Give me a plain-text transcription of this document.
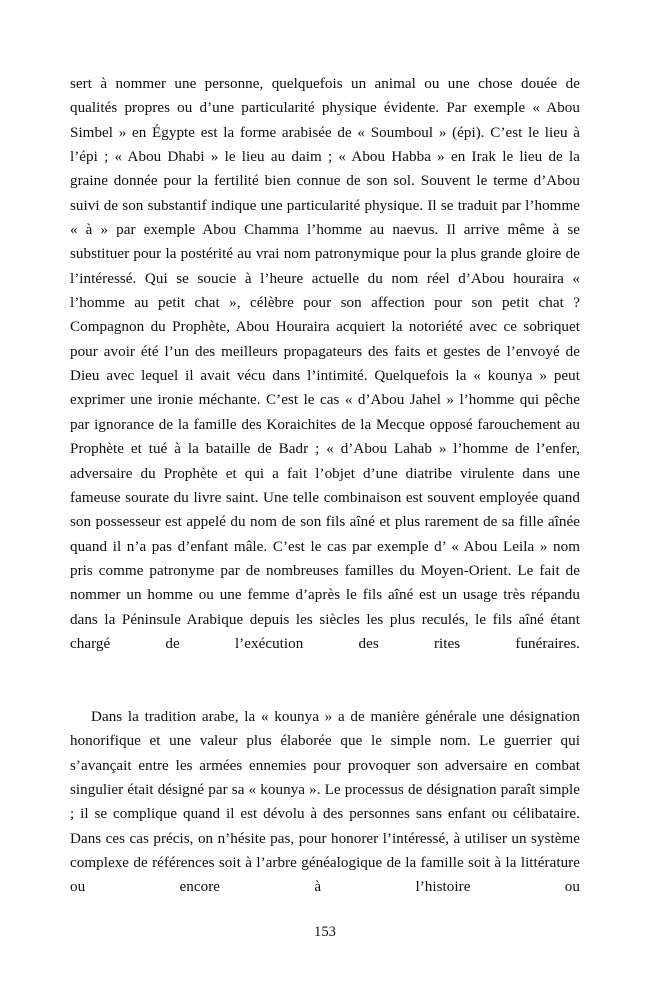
sert à nommer une personne, quelquefois un animal ou une chose douée de qualités propres ou d’une particularité physique évidente. Par exemple « Abou Simbel » en Égypte est la forme arabisée de « Soumboul » (épi). C’est le lieu à l’épi ; « Abou Dhabi » le lieu au daim ; « Abou Habba » en Irak le lieu de la graine donnée pour la fertilité bien connue de son sol. Souvent le terme d’Abou suivi de son substantif indique une particularité physique. Il se traduit par l’homme « à » par exemple Abou Chamma l’homme au naevus. Il arrive même à se substituer pour la postérité au vrai nom patronymique pour la plus grande gloire de l’intéressé. Qui se soucie à l’heure actuelle du nom réel d’Abou houraira « l’homme au petit chat », célèbre pour son affection pour son petit chat ? Compagnon du Prophète, Abou Houraira acquiert la notoriété avec ce sobriquet pour avoir été l’un des meilleurs propagateurs des faits et gestes de l’envoyé de Dieu avec lequel il avait vécu dans l’intimité. Quelquefois la « kounya » peut exprimer une ironie méchante. C’est le cas « d’Abou Jahel » l’homme qui pêche par ignorance de la famille des Koraichites de la Mecque opposé farouchement au Prophète et tué à la bataille de Badr ; « d’Abou Lahab » l’homme de l’enfer, adversaire du Prophète et qui a fait l’objet d’une diatribe virulente dans une fameuse sourate du livre saint. Une telle combinaison est souvent employée quand son possesseur est appelé du nom de son fils aîné et plus rarement de sa fille aînée quand il n’a pas d’enfant mâle. C’est le cas par exemple d’ « Abou Leila » nom pris comme patronyme par de nombreuses familles du Moyen-Orient. Le fait de nommer un homme ou une femme d’après le fils aîné est un usage très répandu dans la Péninsule Arabique depuis les siècles les plus reculés, le fils aîné étant chargé de l’exécution des rites funéraires.

Dans la tradition arabe, la « kounya » a de manière générale une désignation honorifique et une valeur plus élaborée que le simple nom. Le guerrier qui s’avançait entre les armées ennemies pour provoquer son adversaire en combat singulier était désigné par sa « kounya ». Le processus de désignation paraît simple ; il se complique quand il est dévolu à des personnes sans enfant ou célibataire. Dans ces cas précis, on n’hésite pas, pour honorer l’intéressé, à utiliser un système complexe de références soit à l’arbre généalogique de la famille soit à la littérature ou encore à l’histoire ou

153
